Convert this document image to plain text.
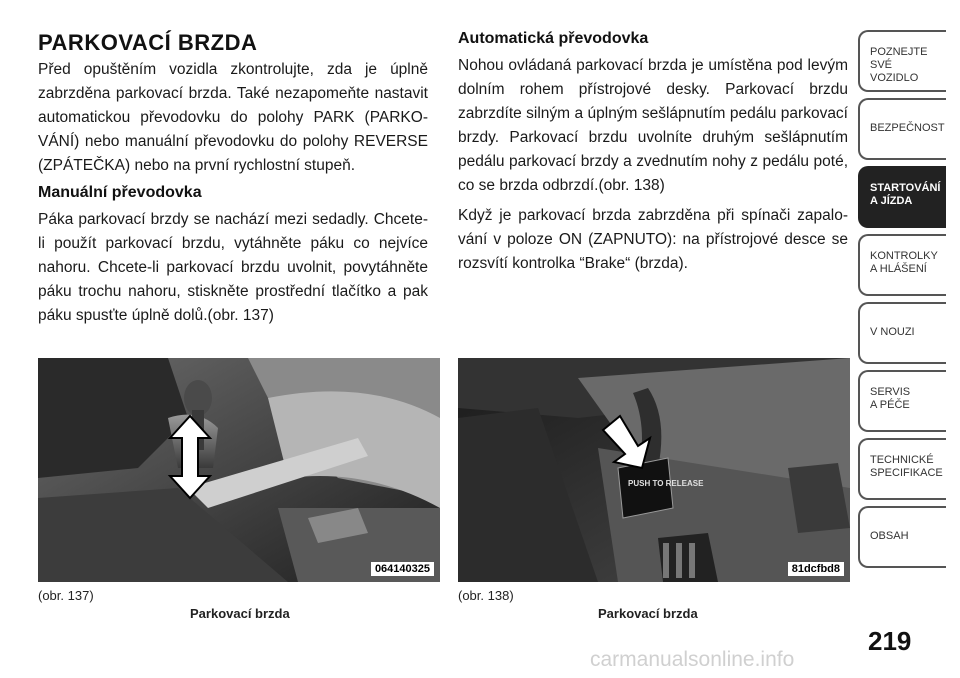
PARKOVACÍ BRZDA

Před opuštěním vozidla zkontrolujte, zda je úplně zabrzděna parkovací brzda. Také nezapomeňte nastavit automatickou převodovku do polohy PARK (PARKO-VÁNÍ) nebo manuální převodovku do polohy REVERSE (ZPÁTEČKA) nebo na první rychlostní stupeň.

Manuální převodovka

Páka parkovací brzdy se nachází mezi sedadly. Chcete-li použít parkovací brzdu, vytáhněte páku co nejvíce nahoru. Chcete-li parkovací brzdu uvolnit, povytáhněte páku trochu nahoru, stiskněte prostřední tlačítko a pak páku spusťte úplně dolů.(obr. 137)

Automatická převodovka

Nohou ovládaná parkovací brzda je umístěna pod levým dolním rohem přístrojové desky. Parkovací brzdu zabrzdíte silným a úplným sešlápnutím pedálu parkovací brzdy. Parkovací brzdu uvolníte druhým sešlápnutím pedálu parkovací brzdy a zvednutím nohy z pedálu poté, co se brzda odbrzdí.(obr. 138)

Když je parkovací brzda zabrzděna při spínači zapalo-vání v poloze ON (ZAPNUTO): na přístrojové desce se rozsvítí kontrolka “Brake“ (brzda).

064140325
PUSH TO RELEASE
81dcfbd8
(obr. 137)
Parkovací brzda
(obr. 138)
Parkovací brzda
POZNEJTE
SVÉ VOZIDLO
BEZPEČNOST
STARTOVÁNÍ
A JÍZDA
KONTROLKY
A HLÁŠENÍ
V NOUZI
SERVIS
A PÉČE
TECHNICKÉ
SPECIFIKACE
OBSAH
219
carmanualsonline.info
